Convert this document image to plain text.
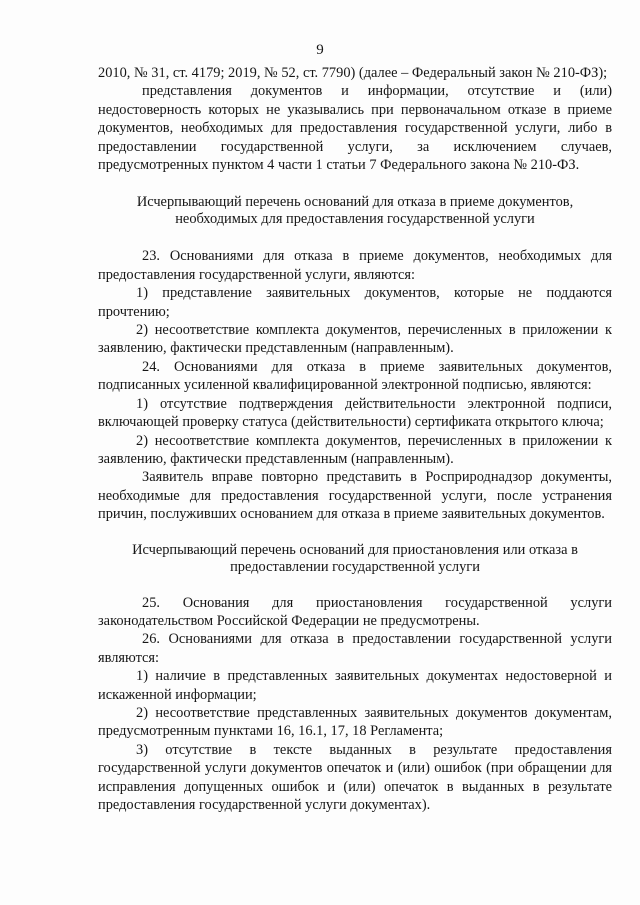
9

2010, № 31, ст. 4179; 2019, № 52, ст. 7790) (далее – Федеральный закон № 210-ФЗ);

представления документов и информации, отсутствие и (или) недостоверность которых не указывались при первоначальном отказе в приеме документов, необходимых для предоставления государственной услуги, либо в предоставлении государственной услуги, за исключением случаев, предусмотренных пунктом 4 части 1 статьи 7 Федерального закона № 210-ФЗ.

Исчерпывающий перечень оснований для отказа в приеме документов, необходимых для предоставления государственной услуги

23. Основаниями для отказа в приеме документов, необходимых для предоставления государственной услуги, являются:

1) представление заявительных документов, которые не поддаются прочтению;

2) несоответствие комплекта документов, перечисленных в приложении к заявлению, фактически представленным (направленным).

24. Основаниями для отказа в приеме заявительных документов, подписанных усиленной квалифицированной электронной подписью, являются:

1) отсутствие подтверждения действительности электронной подписи, включающей проверку статуса (действительности) сертификата открытого ключа;

2) несоответствие комплекта документов, перечисленных в приложении к заявлению, фактически представленным (направленным).

Заявитель вправе повторно представить в Росприроднадзор документы, необходимые для предоставления государственной услуги, после устранения причин, послуживших основанием для отказа в приеме заявительных документов.

Исчерпывающий перечень оснований для приостановления или отказа в предоставлении государственной услуги

25. Основания для приостановления государственной услуги законодательством Российской Федерации не предусмотрены.

26. Основаниями для отказа в предоставлении государственной услуги являются:

1) наличие в представленных заявительных документах недостоверной и искаженной информации;

2) несоответствие представленных заявительных документов документам, предусмотренным пунктами 16, 16.1, 17, 18 Регламента;

3) отсутствие в тексте выданных в результате предоставления государственной услуги документов опечаток и (или) ошибок (при обращении для исправления допущенных ошибок и (или) опечаток в выданных в результате предоставления государственной услуги документах).
